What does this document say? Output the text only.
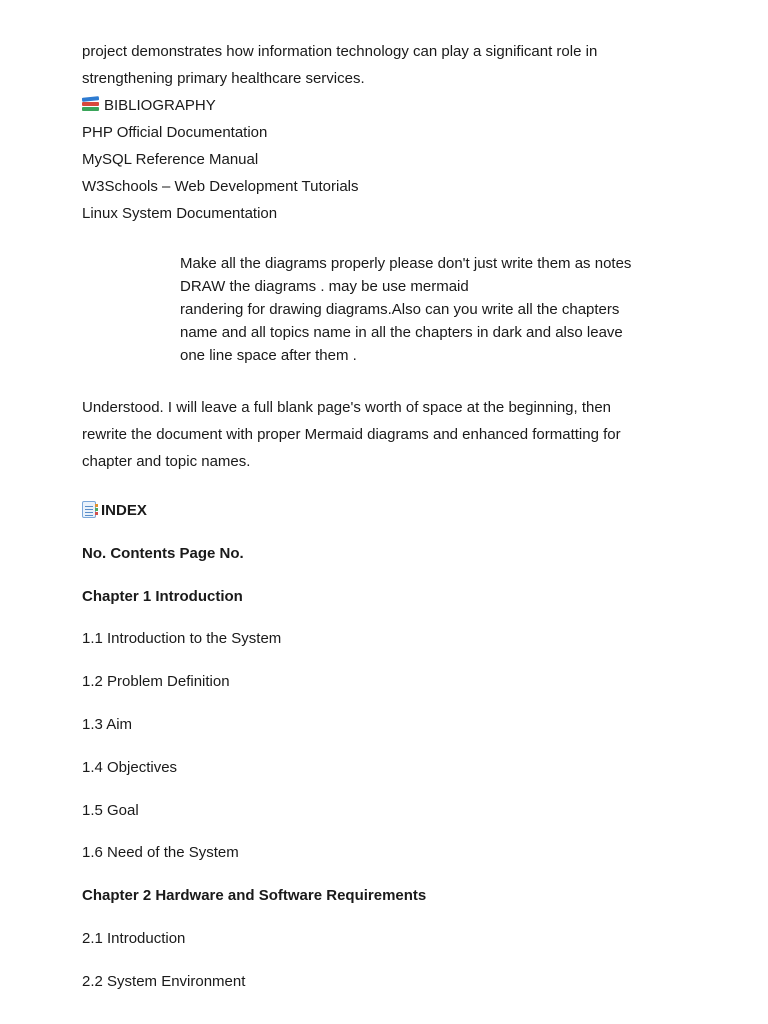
project demonstrates how information technology can play a significant role in
strengthening primary healthcare services.
BIBLIOGRAPHY
PHP Official Documentation
MySQL Reference Manual
W3Schools – Web Development Tutorials
Linux System Documentation
Make all the diagrams properly please don't just write them as notes
DRAW the diagrams . may be use mermaid
randering for drawing diagrams.Also can you write all the chapters
name and all topics name in all the chapters in dark and also leave
one line space after them .
Understood. I will leave a full blank page's worth of space at the beginning, then
rewrite the document with proper Mermaid diagrams and enhanced formatting for
chapter and topic names.
INDEX
No. Contents Page No.
Chapter 1 Introduction
1.1 Introduction to the System
1.2 Problem Definition
1.3 Aim
1.4 Objectives
1.5 Goal
1.6 Need of the System
Chapter 2 Hardware and Software Requirements
2.1 Introduction
2.2 System Environment
